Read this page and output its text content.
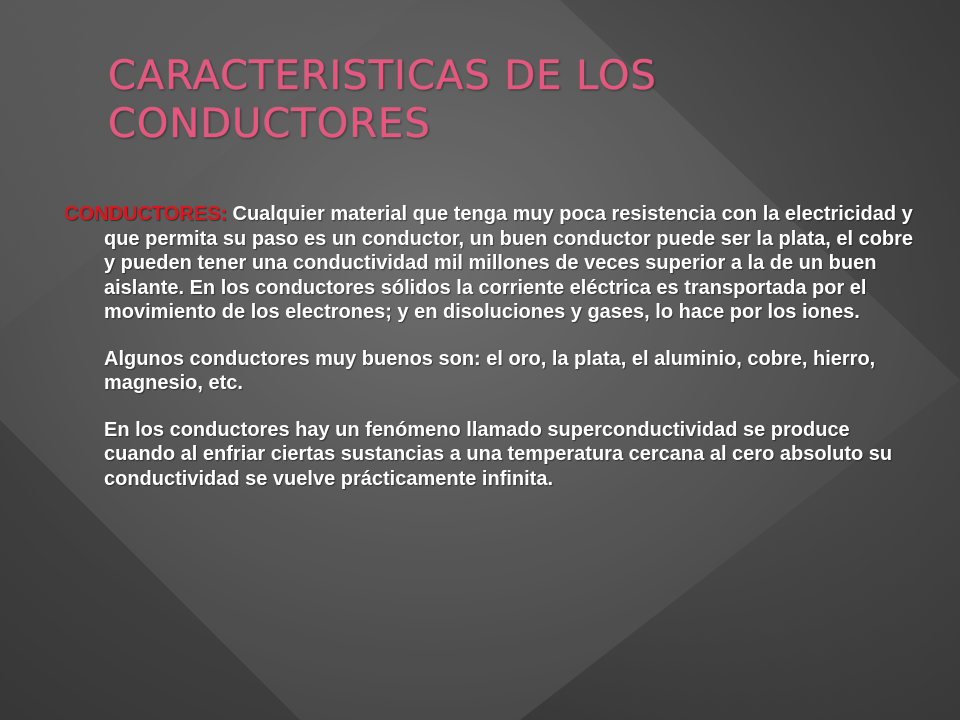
CARACTERISTICAS DE LOS CONDUCTORES

CONDUCTORES: Cualquier material que tenga muy poca resistencia con la electricidad y que permita su paso es un conductor, un buen conductor puede ser la plata, el cobre y pueden tener una conductividad mil millones de veces superior a la de un buen aislante. En los conductores sólidos la corriente eléctrica es transportada por el movimiento de los electrones; y en disoluciones y gases, lo hace por los iones.

Algunos conductores muy buenos son: el oro, la plata, el aluminio, cobre, hierro, magnesio, etc.

En los conductores hay un fenómeno llamado superconductividad se produce cuando al enfriar ciertas sustancias a una temperatura cercana al cero absoluto su conductividad se vuelve prácticamente infinita.
